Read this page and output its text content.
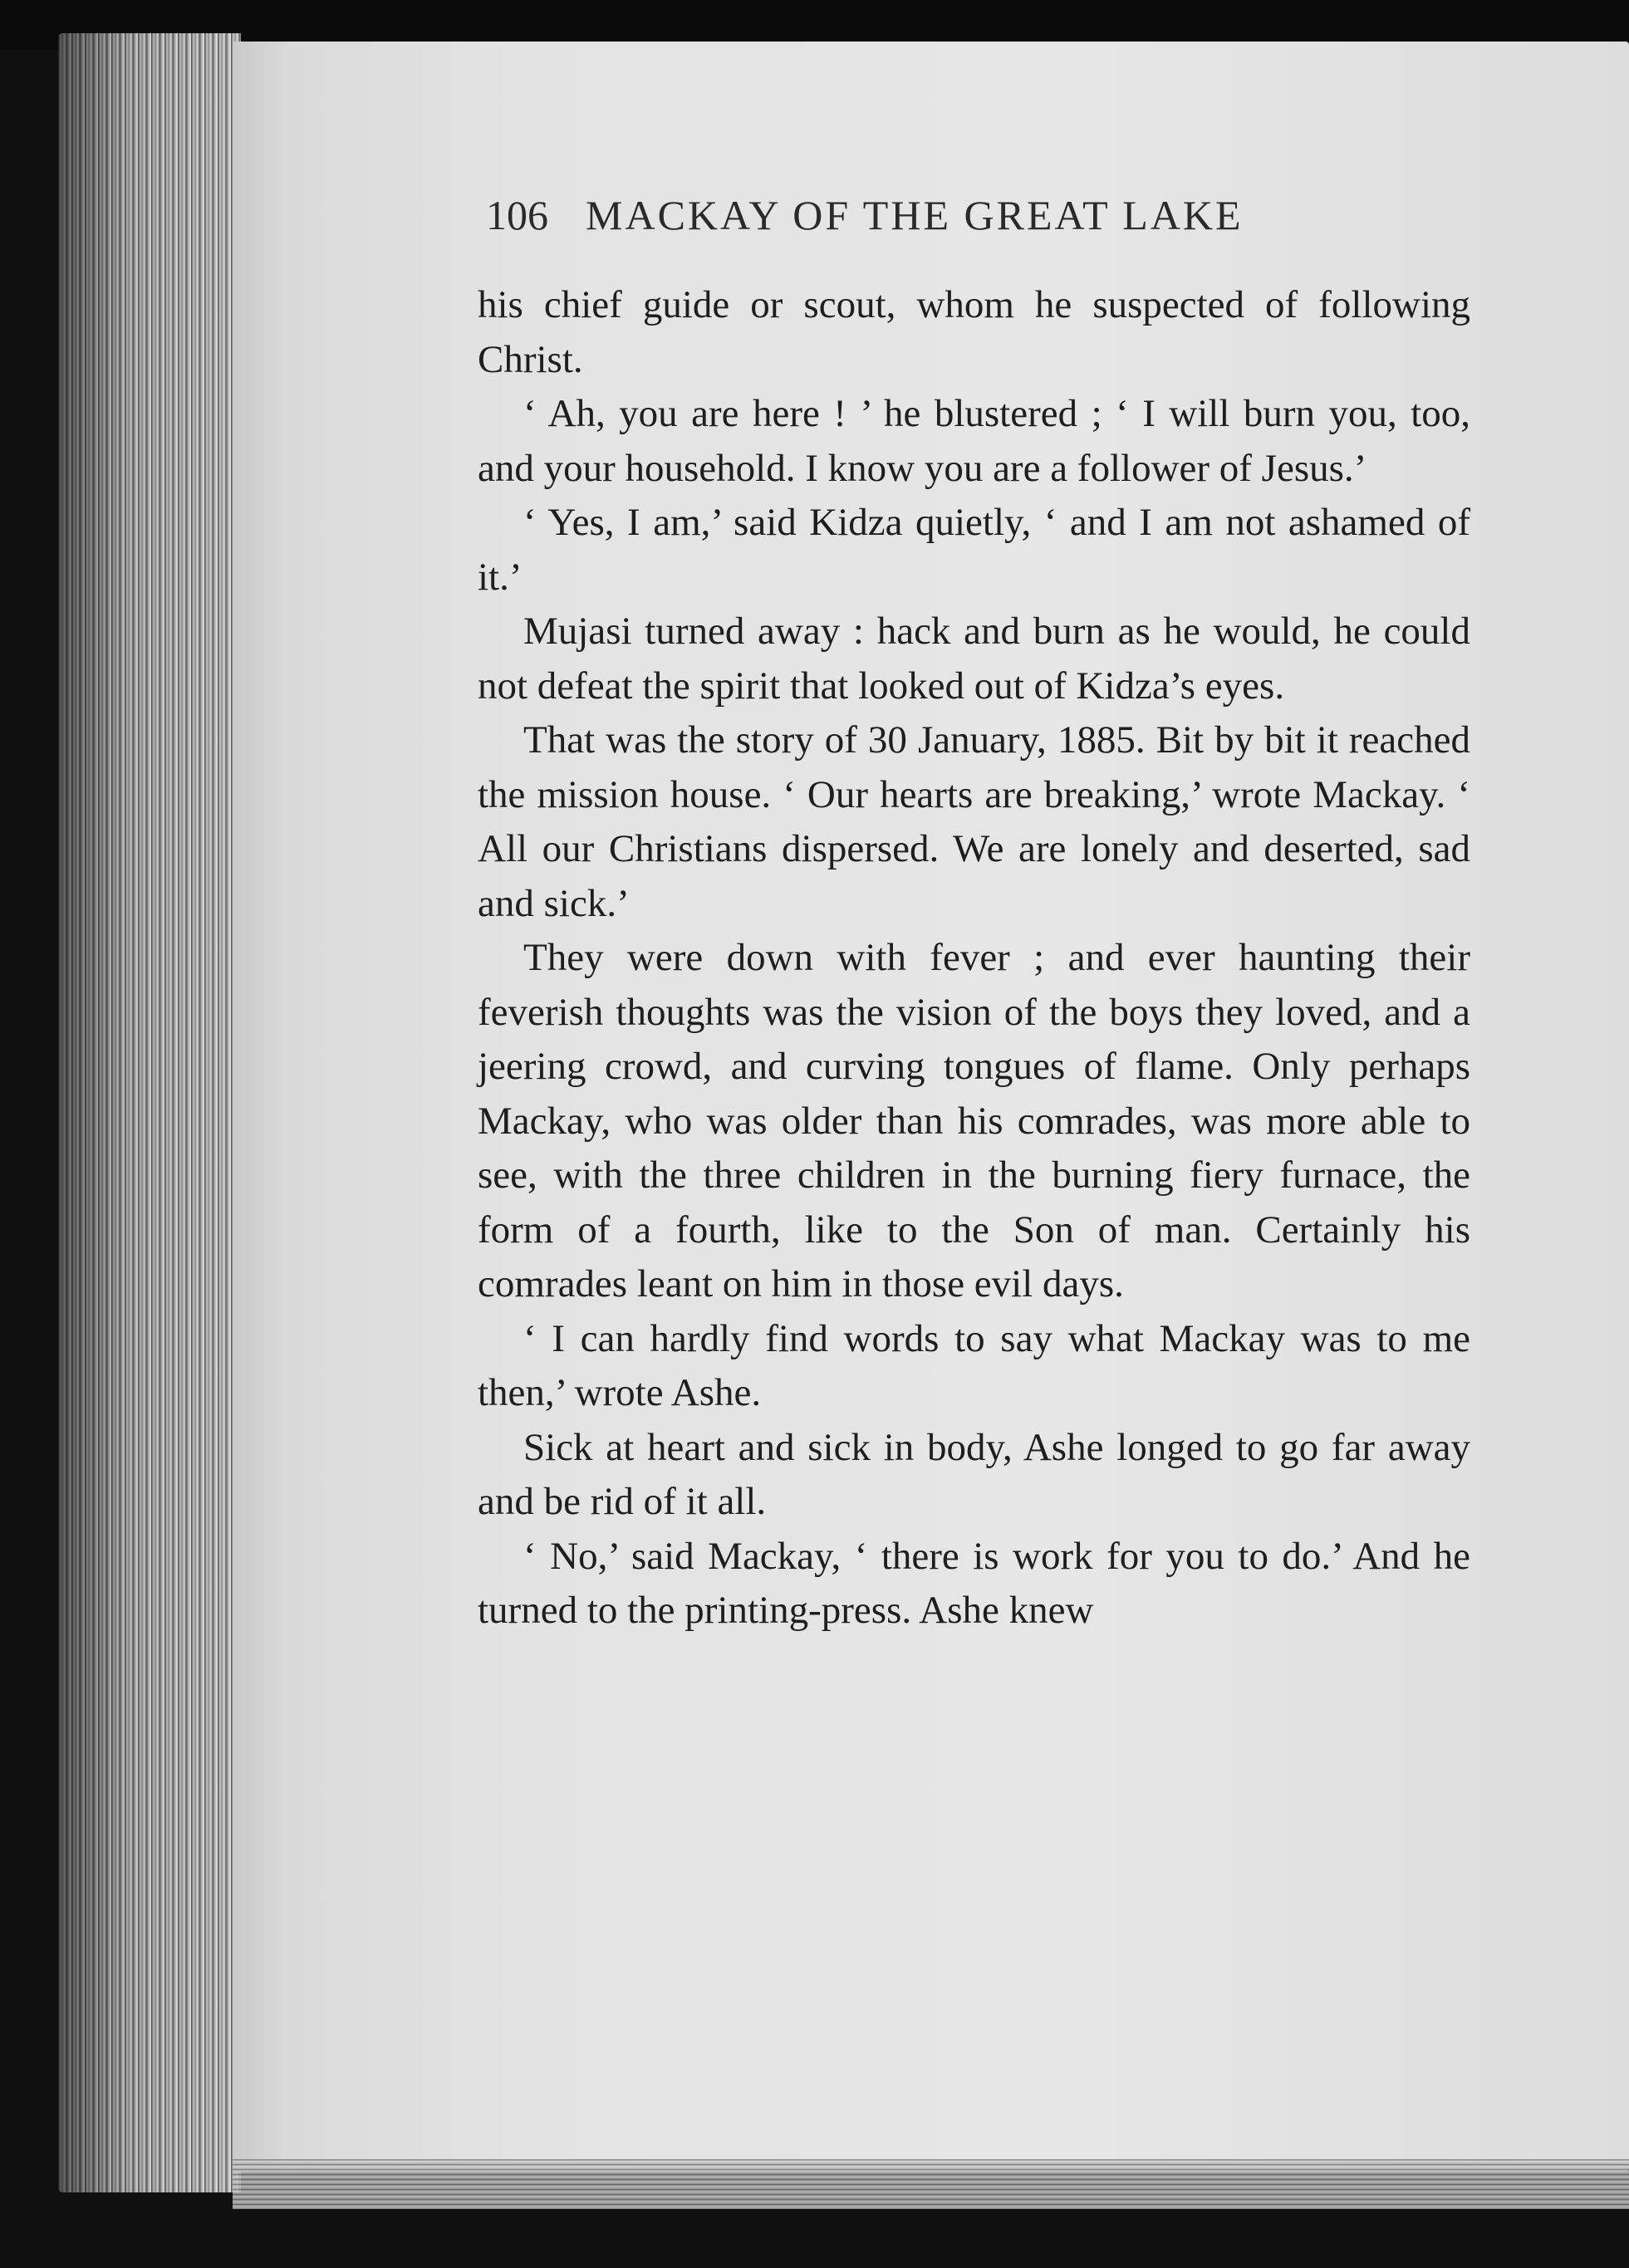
106 MACKAY OF THE GREAT LAKE

his chief guide or scout, whom he suspected of following Christ.

‘ Ah, you are here ! ’ he blustered ; ‘ I will burn you, too, and your household. I know you are a follower of Jesus.’

‘ Yes, I am,’ said Kidza quietly, ‘ and I am not ashamed of it.’

Mujasi turned away : hack and burn as he would, he could not defeat the spirit that looked out of Kidza’s eyes.

That was the story of 30 January, 1885. Bit by bit it reached the mission house. ‘ Our hearts are breaking,’ wrote Mackay. ‘ All our Christians dispersed. We are lonely and deserted, sad and sick.’

They were down with fever ; and ever haunting their feverish thoughts was the vision of the boys they loved, and a jeering crowd, and curving tongues of flame. Only perhaps Mackay, who was older than his comrades, was more able to see, with the three children in the burning fiery furnace, the form of a fourth, like to the Son of man. Certainly his comrades leant on him in those evil days.

‘ I can hardly find words to say what Mackay was to me then,’ wrote Ashe.

Sick at heart and sick in body, Ashe longed to go far away and be rid of it all.

‘ No,’ said Mackay, ‘ there is work for you to do.’ And he turned to the printing-press. Ashe knew
